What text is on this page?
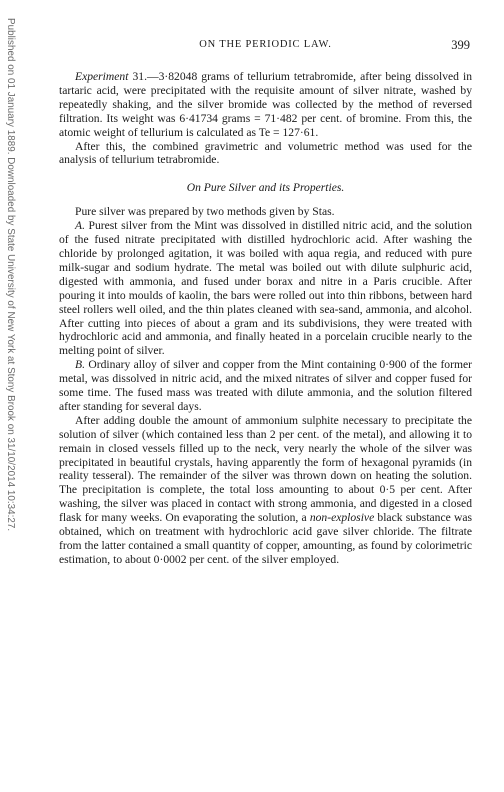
Published on 01 January 1889. Downloaded by State University of New York at Stony Brook on 31/10/2014 10:34:27.	ON THE PERIODIC LAW.	399

Experiment 31.—3·82048 grams of tellurium tetrabromide, after being dissolved in tartaric acid, were precipitated with the requisite amount of silver nitrate, washed by repeatedly shaking, and the silver bromide was collected by the method of reversed filtration. Its weight was 6·41734 grams = 71·482 per cent. of bromine. From this, the atomic weight of tellurium is calculated as Te = 127·61.

After this, the combined gravimetric and volumetric method was used for the analysis of tellurium tetrabromide.

On Pure Silver and its Properties.

Pure silver was prepared by two methods given by Stas.

A. Purest silver from the Mint was dissolved in distilled nitric acid, and the solution of the fused nitrate precipitated with distilled hydrochloric acid. After washing the chloride by prolonged agitation, it was boiled with aqua regia, and reduced with pure milk-sugar and sodium hydrate. The metal was boiled out with dilute sulphuric acid, digested with ammonia, and fused under borax and nitre in a Paris crucible. After pouring it into moulds of kaolin, the bars were rolled out into thin ribbons, between hard steel rollers well oiled, and the thin plates cleaned with sea-sand, ammonia, and alcohol. After cutting into pieces of about a gram and its subdivisions, they were treated with hydrochloric acid and ammonia, and finally heated in a porcelain crucible nearly to the melting point of silver.

B. Ordinary alloy of silver and copper from the Mint containing 0·900 of the former metal, was dissolved in nitric acid, and the mixed nitrates of silver and copper fused for some time. The fused mass was treated with dilute ammonia, and the solution filtered after standing for several days.

After adding double the amount of ammonium sulphite necessary to precipitate the solution of silver (which contained less than 2 per cent. of the metal), and allowing it to remain in closed vessels filled up to the neck, very nearly the whole of the silver was precipitated in beautiful crystals, having apparently the form of hexagonal pyramids (in reality tesseral). The remainder of the silver was thrown down on heating the solution. The precipitation is complete, the total loss amounting to about 0·5 per cent. After washing, the silver was placed in contact with strong ammonia, and digested in a closed flask for many weeks. On evaporating the solution, a non-explosive black substance was obtained, which on treatment with hydrochloric acid gave silver chloride. The filtrate from the latter contained a small quantity of copper, amounting, as found by colorimetric estimation, to about 0·0002 per cent. of the silver employed.
